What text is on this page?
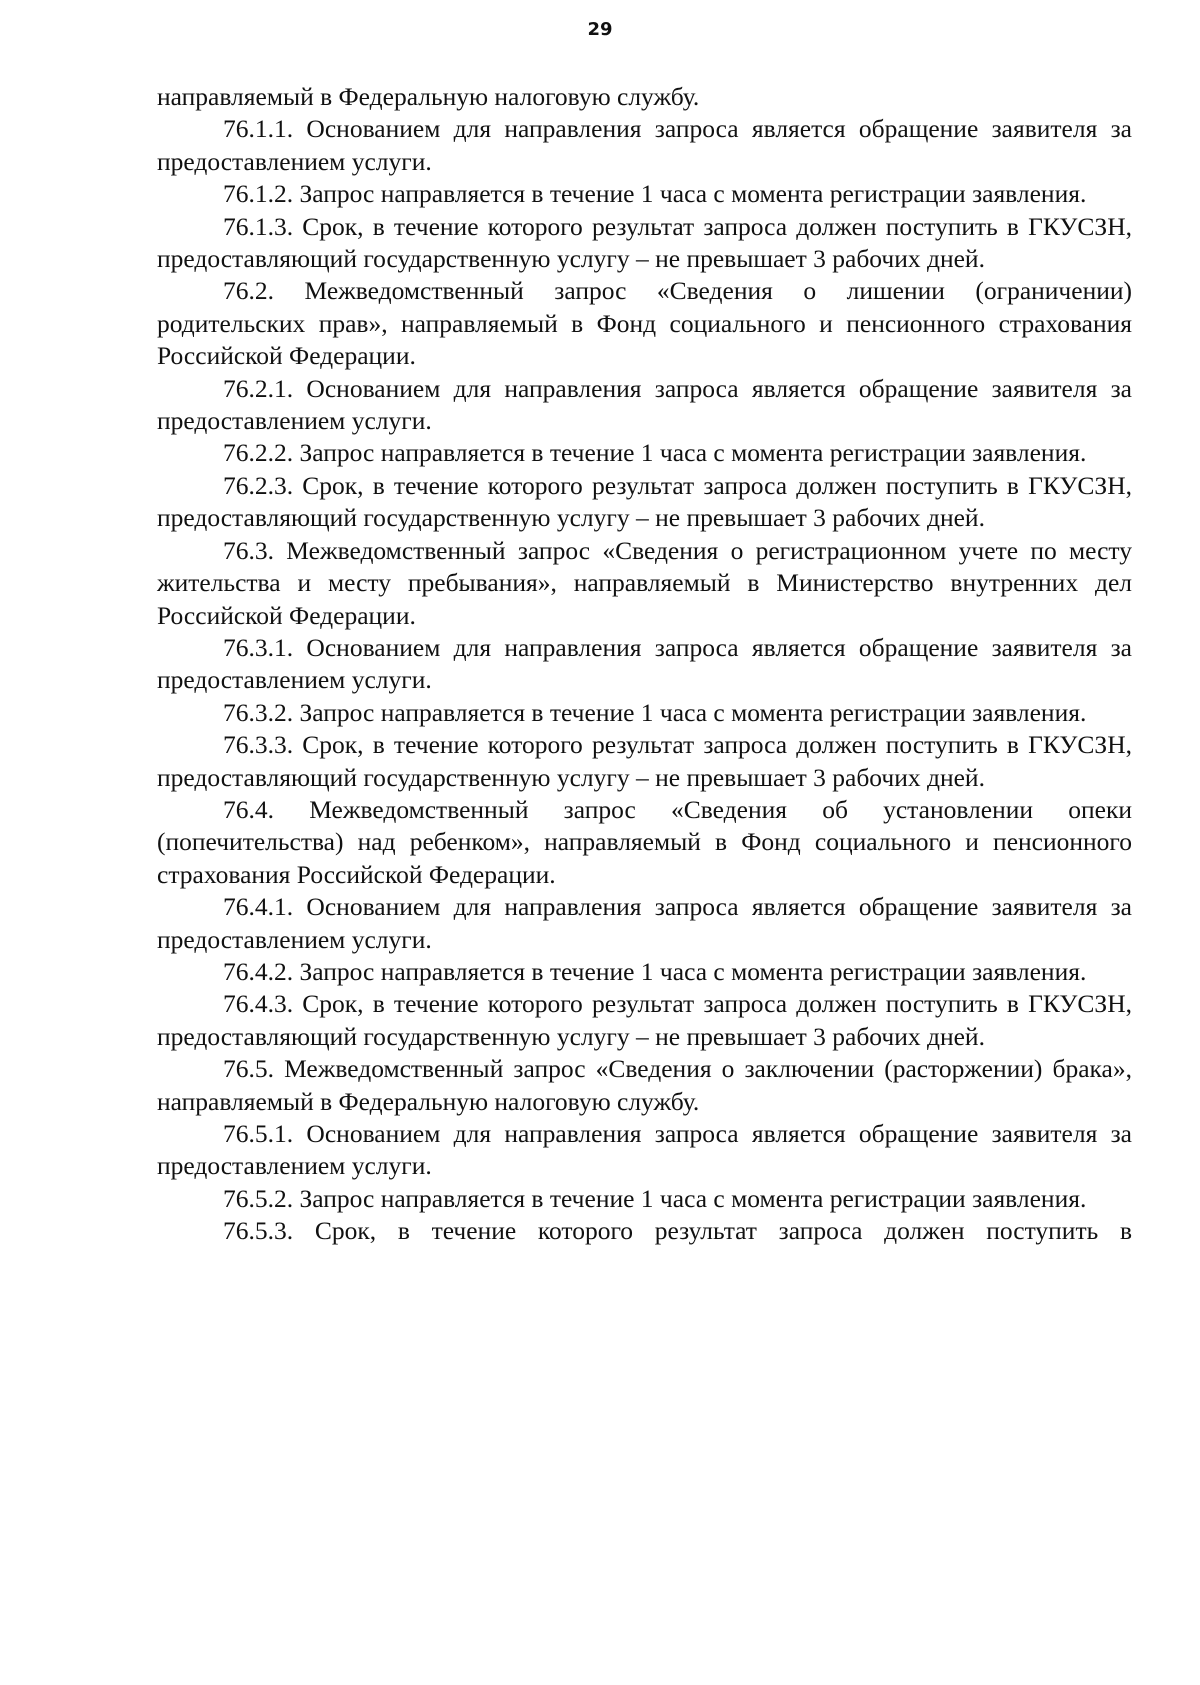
29

направляемый в Федеральную налоговую службу.

76.1.1. Основанием для направления запроса является обращение заявителя за предоставлением услуги.

76.1.2. Запрос направляется в течение 1 часа с момента регистрации заявления.

76.1.3. Срок, в течение которого результат запроса должен поступить в ГКУСЗН, предоставляющий государственную услугу – не превышает 3 рабочих дней.

76.2. Межведомственный запрос «Сведения о лишении (ограничении) родительских прав», направляемый в Фонд социального и пенсионного страхования Российской Федерации.

76.2.1. Основанием для направления запроса является обращение заявителя за предоставлением услуги.

76.2.2. Запрос направляется в течение 1 часа с момента регистрации заявления.

76.2.3. Срок, в течение которого результат запроса должен поступить в ГКУСЗН, предоставляющий государственную услугу – не превышает 3 рабочих дней.

76.3. Межведомственный запрос «Сведения о регистрационном учете по месту жительства и месту пребывания», направляемый в Министерство внутренних дел Российской Федерации.

76.3.1. Основанием для направления запроса является обращение заявителя за предоставлением услуги.

76.3.2. Запрос направляется в течение 1 часа с момента регистрации заявления.

76.3.3. Срок, в течение которого результат запроса должен поступить в ГКУСЗН, предоставляющий государственную услугу – не превышает 3 рабочих дней.

76.4. Межведомственный запрос «Сведения об установлении опеки (попечительства) над ребенком», направляемый в Фонд социального и пенсионного страхования Российской Федерации.

76.4.1. Основанием для направления запроса является обращение заявителя за предоставлением услуги.

76.4.2. Запрос направляется в течение 1 часа с момента регистрации заявления.

76.4.3. Срок, в течение которого результат запроса должен поступить в ГКУСЗН, предоставляющий государственную услугу – не превышает 3 рабочих дней.

76.5. Межведомственный запрос «Сведения о заключении (расторжении) брака», направляемый в Федеральную налоговую службу.

76.5.1. Основанием для направления запроса является обращение заявителя за предоставлением услуги.

76.5.2. Запрос направляется в течение 1 часа с момента регистрации заявления.

76.5.3. Срок, в течение которого результат запроса должен поступить в
